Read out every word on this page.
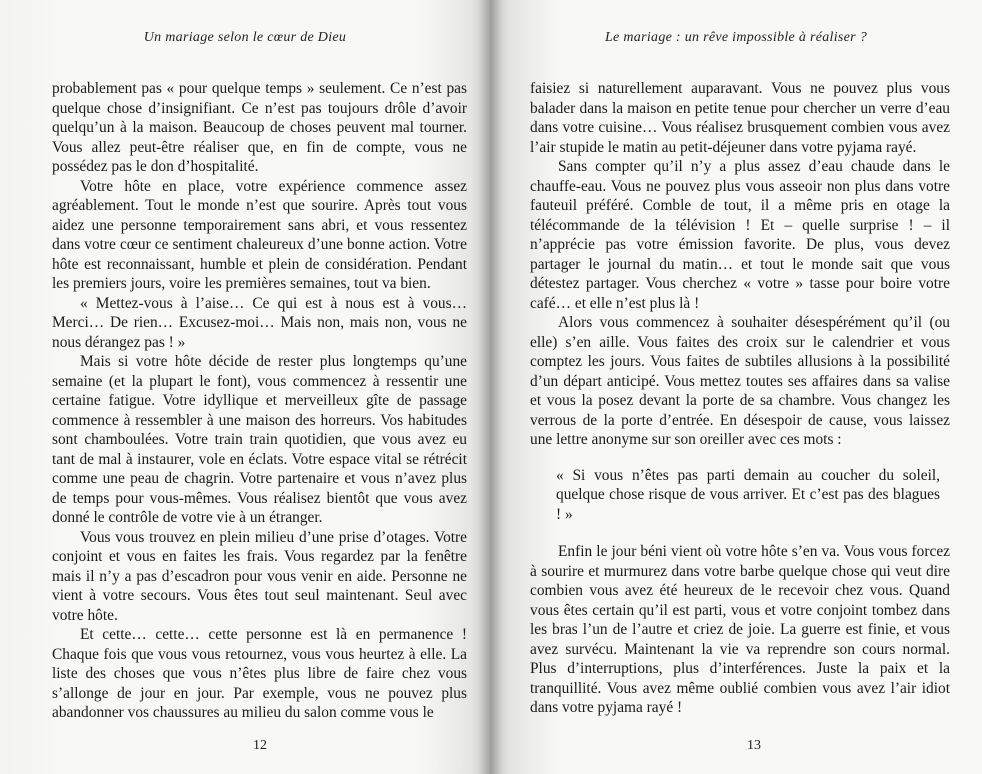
Un mariage selon le cœur de Dieu

probablement pas « pour quelque temps » seulement. Ce n’est pas quelque chose d’insignifiant. Ce n’est pas toujours drôle d’avoir quelqu’un à la maison. Beaucoup de choses peuvent mal tourner. Vous allez peut-être réaliser que, en fin de compte, vous ne possédez pas le don d’hospitalité.

Votre hôte en place, votre expérience commence assez agréablement. Tout le monde n’est que sourire. Après tout vous aidez une personne temporairement sans abri, et vous ressentez dans votre cœur ce sentiment chaleureux d’une bonne action. Votre hôte est reconnaissant, humble et plein de considération. Pendant les premiers jours, voire les premières semaines, tout va bien.

« Mettez-vous à l’aise… Ce qui est à nous est à vous… Merci… De rien… Excusez-moi… Mais non, mais non, vous ne nous dérangez pas ! »

Mais si votre hôte décide de rester plus longtemps qu’une semaine (et la plupart le font), vous commencez à ressentir une certaine fatigue. Votre idyllique et merveilleux gîte de passage commence à ressembler à une maison des horreurs. Vos habitudes sont chamboulées. Votre train train quotidien, que vous avez eu tant de mal à instaurer, vole en éclats. Votre espace vital se rétrécit comme une peau de chagrin. Votre partenaire et vous n’avez plus de temps pour vous-mêmes. Vous réalisez bientôt que vous avez donné le contrôle de votre vie à un étranger.

Vous vous trouvez en plein milieu d’une prise d’otages. Votre conjoint et vous en faites les frais. Vous regardez par la fenêtre mais il n’y a pas d’escadron pour vous venir en aide. Personne ne vient à votre secours. Vous êtes tout seul maintenant. Seul avec votre hôte.

Et cette… cette… cette personne est là en permanence ! Chaque fois que vous vous retournez, vous vous heurtez à elle. La liste des choses que vous n’êtes plus libre de faire chez vous s’allonge de jour en jour. Par exemple, vous ne pouvez plus abandonner vos chaussures au milieu du salon comme vous le

12
Le mariage : un rêve impossible à réaliser ?

faisiez si naturellement auparavant. Vous ne pouvez plus vous balader dans la maison en petite tenue pour chercher un verre d’eau dans votre cuisine… Vous réalisez brusquement combien vous avez l’air stupide le matin au petit-déjeuner dans votre pyjama rayé.

Sans compter qu’il n’y a plus assez d’eau chaude dans le chauffe-eau. Vous ne pouvez plus vous asseoir non plus dans votre fauteuil préféré. Comble de tout, il a même pris en otage la télécommande de la télévision ! Et – quelle surprise ! – il n’apprécie pas votre émission favorite. De plus, vous devez partager le journal du matin… et tout le monde sait que vous détestez partager. Vous cherchez « votre » tasse pour boire votre café… et elle n’est plus là !

Alors vous commencez à souhaiter désespérément qu’il (ou elle) s’en aille. Vous faites des croix sur le calendrier et vous comptez les jours. Vous faites de subtiles allusions à la possibilité d’un départ anticipé. Vous mettez toutes ses affaires dans sa valise et vous la posez devant la porte de sa chambre. Vous changez les verrous de la porte d’entrée. En désespoir de cause, vous laissez une lettre anonyme sur son oreiller avec ces mots :

« Si vous n’êtes pas parti demain au coucher du soleil, quelque chose risque de vous arriver. Et c’est pas des blagues ! »

Enfin le jour béni vient où votre hôte s’en va. Vous vous forcez à sourire et murmurez dans votre barbe quelque chose qui veut dire combien vous avez été heureux de le recevoir chez vous. Quand vous êtes certain qu’il est parti, vous et votre conjoint tombez dans les bras l’un de l’autre et criez de joie. La guerre est finie, et vous avez survécu. Maintenant la vie va reprendre son cours normal. Plus d’interruptions, plus d’interférences. Juste la paix et la tranquillité. Vous avez même oublié combien vous avez l’air idiot dans votre pyjama rayé !

13
